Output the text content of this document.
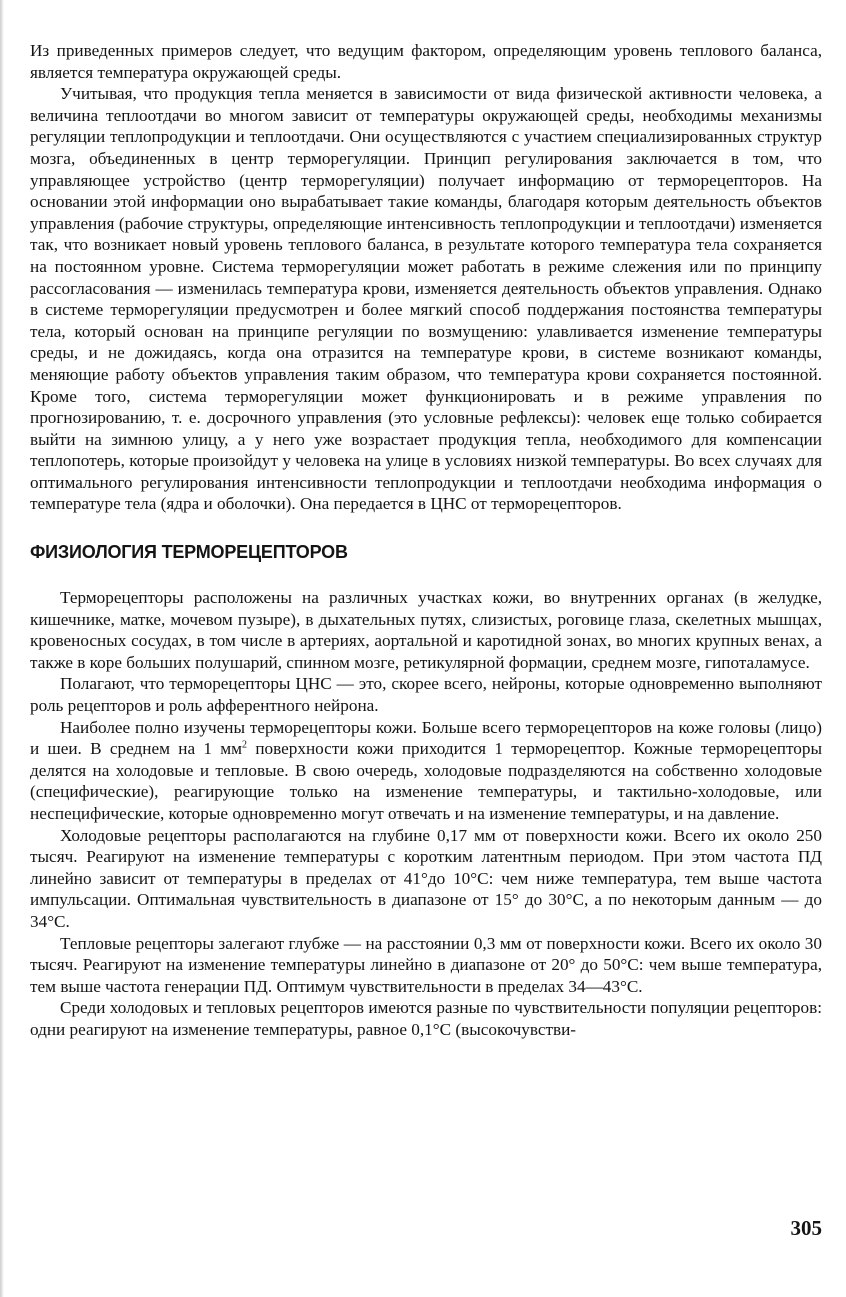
Из приведенных примеров следует, что ведущим фактором, определяющим уровень теплового баланса, является температура окружающей среды.

Учитывая, что продукция тепла меняется в зависимости от вида физической активности человека, а величина теплоотдачи во многом зависит от температуры окружающей среды, необходимы механизмы регуляции теплопродукции и теплоотдачи. Они осуществляются с участием специализированных структур мозга, объединенных в центр терморегуляции. Принцип регулирования заключается в том, что управляющее устройство (центр терморегуляции) получает информацию от терморецепторов. На основании этой информации оно вырабатывает такие команды, благодаря которым деятельность объектов управления (рабочие структуры, определяющие интенсивность теплопродукции и теплоотдачи) изменяется так, что возникает новый уровень теплового баланса, в результате которого температура тела сохраняется на постоянном уровне. Система терморегуляции может работать в режиме слежения или по принципу рассогласования — изменилась температура крови, изменяется деятельность объектов управления. Однако в системе терморегуляции предусмотрен и более мягкий способ поддержания постоянства температуры тела, который основан на принципе регуляции по возмущению: улавливается изменение температуры среды, и не дожидаясь, когда она отразится на температуре крови, в системе возникают команды, меняющие работу объектов управления таким образом, что температура крови сохраняется постоянной. Кроме того, система терморегуляции может функционировать и в режиме управления по прогнозированию, т. е. досрочного управления (это условные рефлексы): человек еще только собирается выйти на зимнюю улицу, а у него уже возрастает продукция тепла, необходимого для компенсации теплопотерь, которые произойдут у человека на улице в условиях низкой температуры. Во всех случаях для оптимального регулирования интенсивности теплопродукции и теплоотдачи необходима информация о температуре тела (ядра и оболочки). Она передается в ЦНС от терморецепторов.

ФИЗИОЛОГИЯ ТЕРМОРЕЦЕПТОРОВ

Терморецепторы расположены на различных участках кожи, во внутренних органах (в желудке, кишечнике, матке, мочевом пузыре), в дыхательных путях, слизистых, роговице глаза, скелетных мышцах, кровеносных сосудах, в том числе в артериях, аортальной и каротидной зонах, во многих крупных венах, а также в коре больших полушарий, спинном мозге, ретикулярной формации, среднем мозге, гипоталамусе.

Полагают, что терморецепторы ЦНС — это, скорее всего, нейроны, которые одновременно выполняют роль рецепторов и роль афферентного нейрона.

Наиболее полно изучены терморецепторы кожи. Больше всего терморецепторов на коже головы (лицо) и шеи. В среднем на 1 $мм^2$ поверхности кожи приходится 1 терморецептор. Кожные терморецепторы делятся на холодовые и тепловые. В свою очередь, холодовые подразделяются на собственно холодовые (специфические), реагирующие только на изменение температуры, и тактильно-холодовые, или неспецифические, которые одновременно могут отвечать и на изменение температуры, и на давление.

Холодовые рецепторы располагаются на глубине 0,17 мм от поверхности кожи. Всего их около 250 тысяч. Реагируют на изменение температуры с коротким латентным периодом. При этом частота ПД линейно зависит от температуры в пределах от 41°до 10°С: чем ниже температура, тем выше частота импульсации. Оптимальная чувствительность в диапазоне от 15° до 30°С, а по некоторым данным — до 34°С.

Тепловые рецепторы залегают глубже — на расстоянии 0,3 мм от поверхности кожи. Всего их около 30 тысяч. Реагируют на изменение температуры линейно в диапазоне от 20° до 50°С: чем выше температура, тем выше частота генерации ПД. Оптимум чувствительности в пределах 34—43°С.

Среди холодовых и тепловых рецепторов имеются разные по чувствительности популяции рецепторов: одни реагируют на изменение температуры, равное 0,1°С (высокочувстви-

305
